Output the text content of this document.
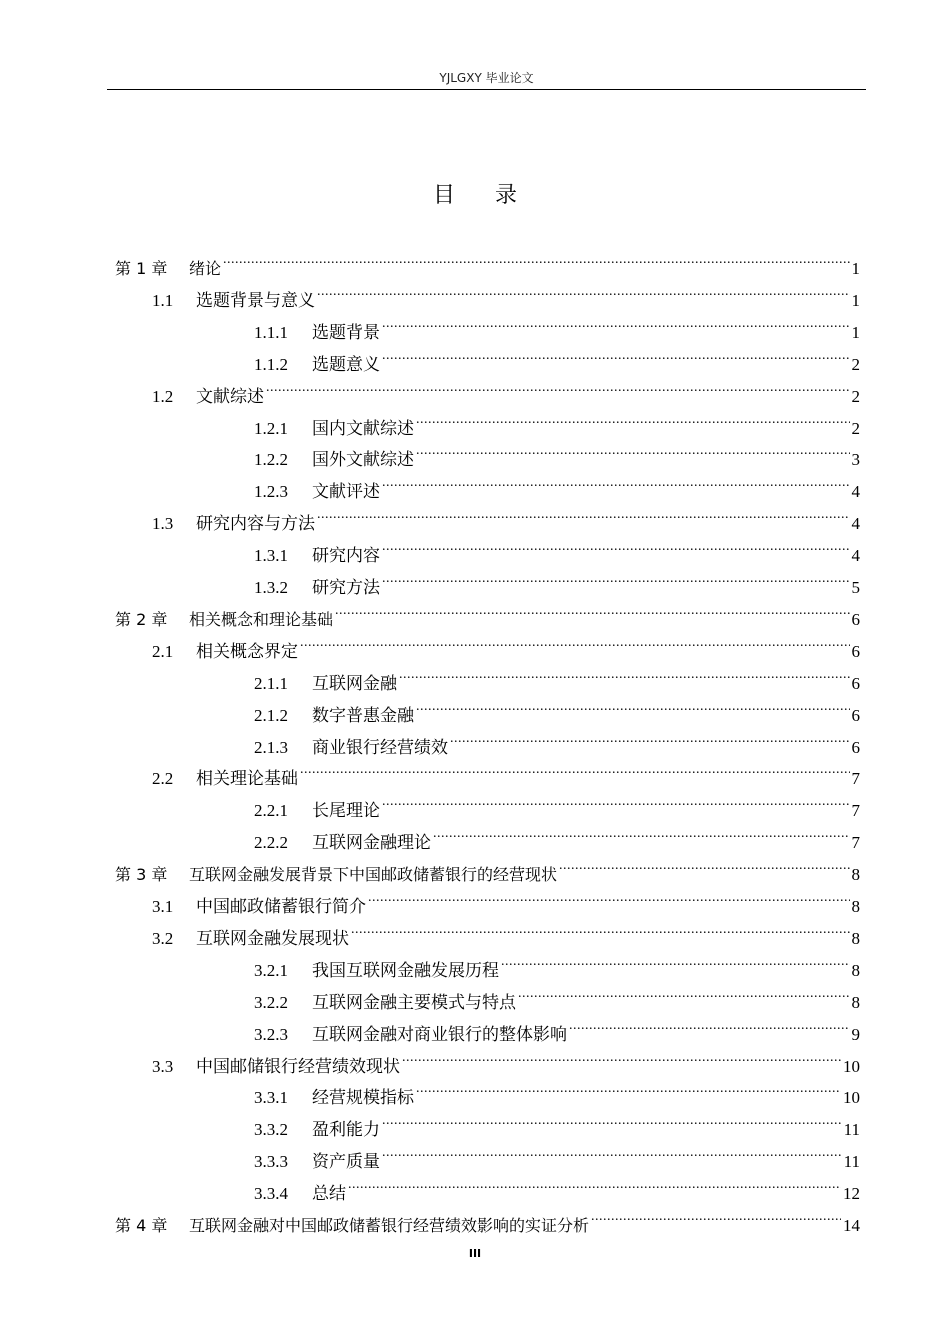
YJLGXY 毕业论文
目录
第 1 章	绪论 .....	1
1.1	选题背景与意义 .....	1
1.1.1	选题背景 .....	1
1.1.2	选题意义 .....	2
1.2	文献综述 .....	2
1.2.1	国内文献综述 .....	2
1.2.2	国外文献综述 .....	3
1.2.3	文献评述 .....	4
1.3	研究内容与方法 .....	4
1.3.1	研究内容 .....	4
1.3.2	研究方法 .....	5
第 2 章	相关概念和理论基础 .....	6
2.1	相关概念界定 .....	6
2.1.1	互联网金融 .....	6
2.1.2	数字普惠金融 .....	6
2.1.3	商业银行经营绩效 .....	6
2.2	相关理论基础 .....	7
2.2.1	长尾理论 .....	7
2.2.2	互联网金融理论 .....	7
第 3 章	互联网金融发展背景下中国邮政储蓄银行的经营现状 .....	8
3.1	中国邮政储蓄银行简介 .....	8
3.2	互联网金融发展现状 .....	8
3.2.1	我国互联网金融发展历程 .....	8
3.2.2	互联网金融主要模式与特点 .....	8
3.2.3	互联网金融对商业银行的整体影响 .....	9
3.3	中国邮储银行经营绩效现状 .....	10
3.3.1	经营规模指标 .....	10
3.3.2	盈利能力 .....	11
3.3.3	资产质量 .....	11
3.3.4	总结 .....	12
第 4 章	互联网金融对中国邮政储蓄银行经营绩效影响的实证分析 .....	14
III
